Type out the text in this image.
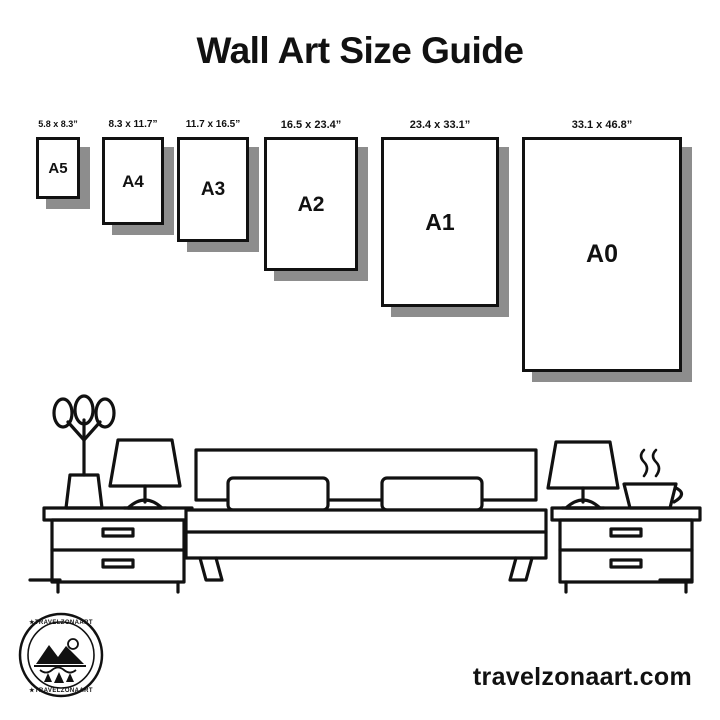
Wall Art Size Guide
5.8 x 8.3”
A5
8.3 x 11.7”
A4
11.7 x 16.5”
A3
16.5 x 23.4”
A2
23.4 x 33.1”
A1
33.1 x 46.8”
A0
★TRAVELZONAART
★TRAVELZONAART	travelzonaart.com
